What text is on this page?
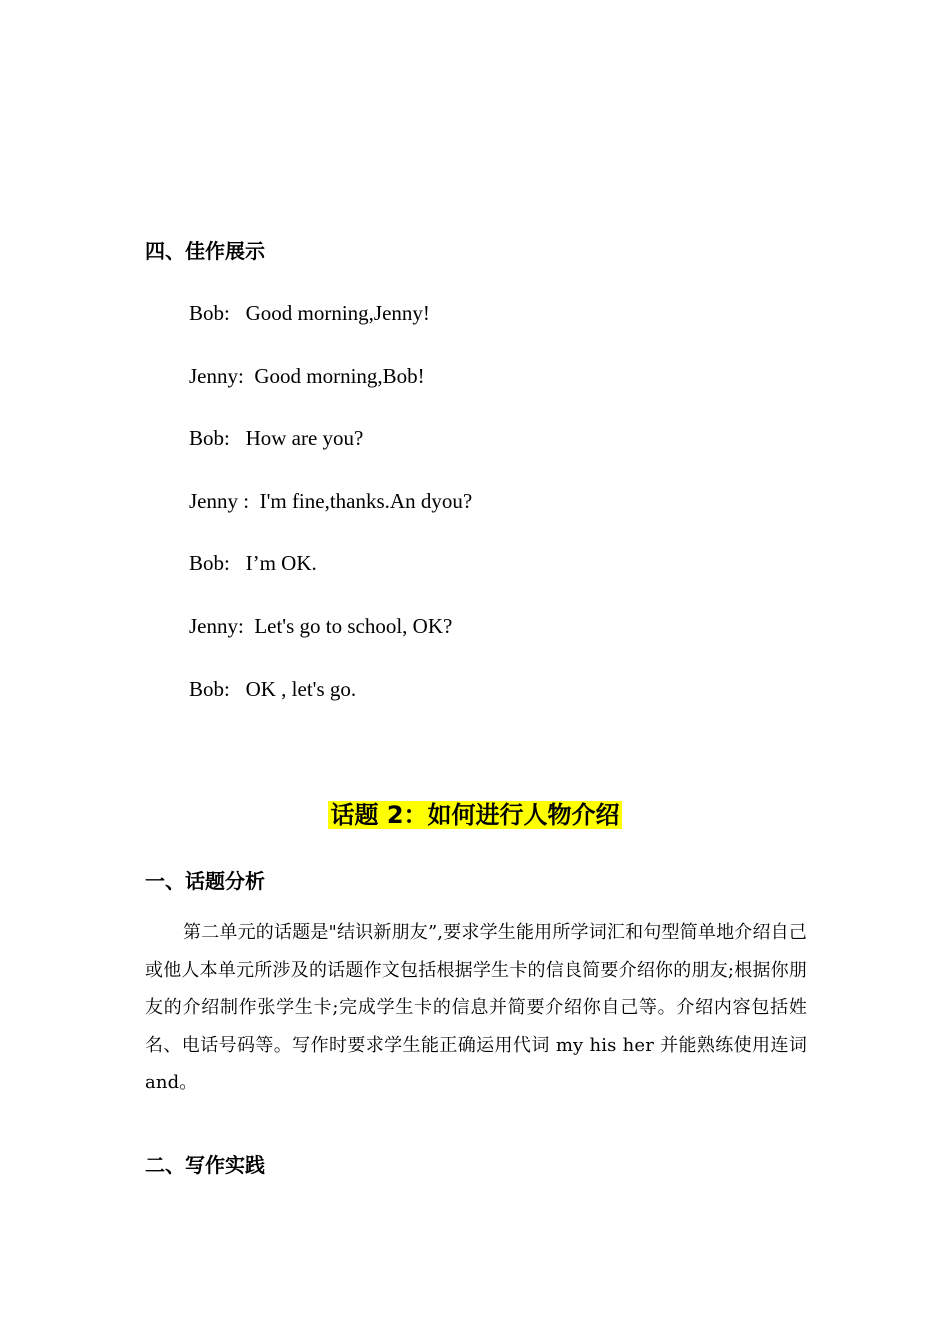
四、佳作展示
Bob:   Good morning,Jenny!
Jenny:  Good morning,Bob!
Bob:   How are you?
Jenny :  I'm fine,thanks.An dyou?
Bob:   I’m OK.
Jenny:  Let's go to school, OK?
Bob:   OK , let's go.
话题 2：如何进行人物介绍
一、话题分析
第二单元的话题是"结识新朋友”,要求学生能用所学词汇和句型简单地介绍自己或他人本单元所涉及的话题作文包括根据学生卡的信良简要介绍你的朋友;根据你朋友的介绍制作张学生卡;完成学生卡的信息并简要介绍你自己等。介绍内容包括姓名、电话号码等。写作时要求学生能正确运用代词 my his her 并能熟练使用连词 and。
二、写作实践
